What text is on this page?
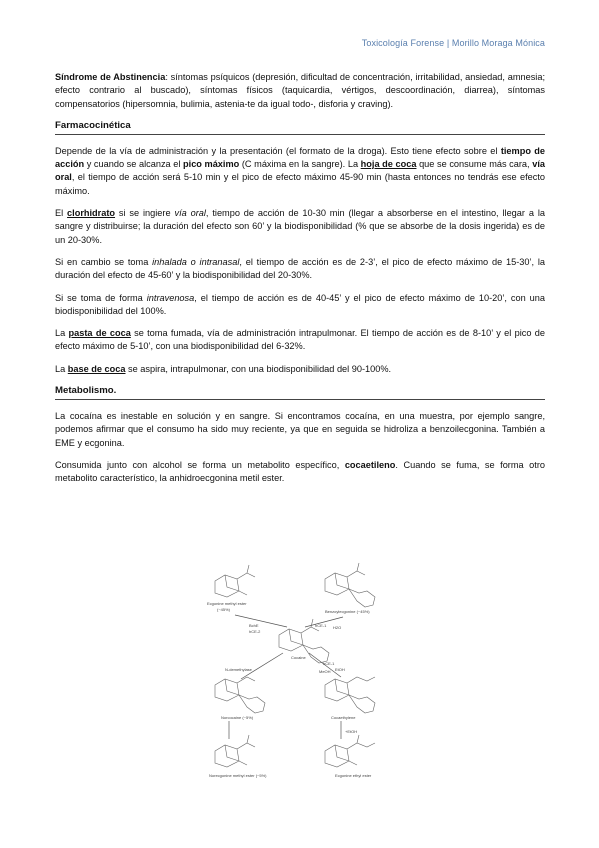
Toxicología Forense | Morillo Moraga Mónica

Síndrome de Abstinencia: síntomas psíquicos (depresión, dificultad de concentración, irritabilidad, ansiedad, amnesia; efecto contrario al buscado), síntomas físicos (taquicardia, vértigos, descoordinación, diarrea), síntomas compensatorios (hipersomnia, bulimia, astenia-te da igual todo-, disforia y craving).

Farmacocinética

Depende de la vía de administración y la presentación (el formato de la droga). Esto tiene efecto sobre el tiempo de acción y cuando se alcanza el pico máximo (C máxima en la sangre). La hoja de coca que se consume más cara, vía oral, el tiempo de acción será 5-10 min y el pico de efecto máximo 45-90 min (hasta entonces no tendrás ese efecto máximo.

El clorhidrato si se ingiere vía oral, tiempo de acción de 10-30 min (llegar a absorberse en el intestino, llegar a la sangre y distribuirse; la duración del efecto son 60’ y la biodisponibilidad (% que se absorbe de la dosis ingerida) es de un 20-30%.

Si en cambio se toma inhalada o intranasal, el tiempo de acción es de 2-3’, el pico de efecto máximo de 15-30’, la duración del efecto de 45-60’ y la biodisponibilidad del 20-30%.

Si se toma de forma intravenosa, el tiempo de acción es de 40-45’ y el pico de efecto máximo de 10-20’, con una biodisponibilidad del 100%.

La pasta de coca se toma fumada, vía de administración intrapulmonar. El tiempo de acción es de 8-10’ y el pico de efecto máximo de 5-10’, con una biodisponibilidad del 6-32%.

La base de coca se aspira, intrapulmonar, con una biodisponibilidad del 90-100%.

Metabolismo.

La cocaína es inestable en solución y en sangre. Si encontramos cocaína, en una muestra, por ejemplo sangre, podemos afirmar que el consumo ha sido muy reciente, ya que en seguida se hidroliza a benzoilecgonina. También a EME y ecgonina.

Consumida junto con alcohol se forma un metabolito específico, cocaetileno. Cuando se fuma, se forma otro metabolito característico, la anhidroecgonina metil ester.

Ecgonine methyl ester
(~45%)	Benzoylecgonine (~45%)
Cocaine
Norcocaine (~5%)	Cocaethylene
Norecgonine methyl ester (~5%)	Ecgonine ethyl ester
BchE
hCE-2
hCE-1 H2O
N-demethylase
hCE-1
EtOH
MeOH
+EtOH
